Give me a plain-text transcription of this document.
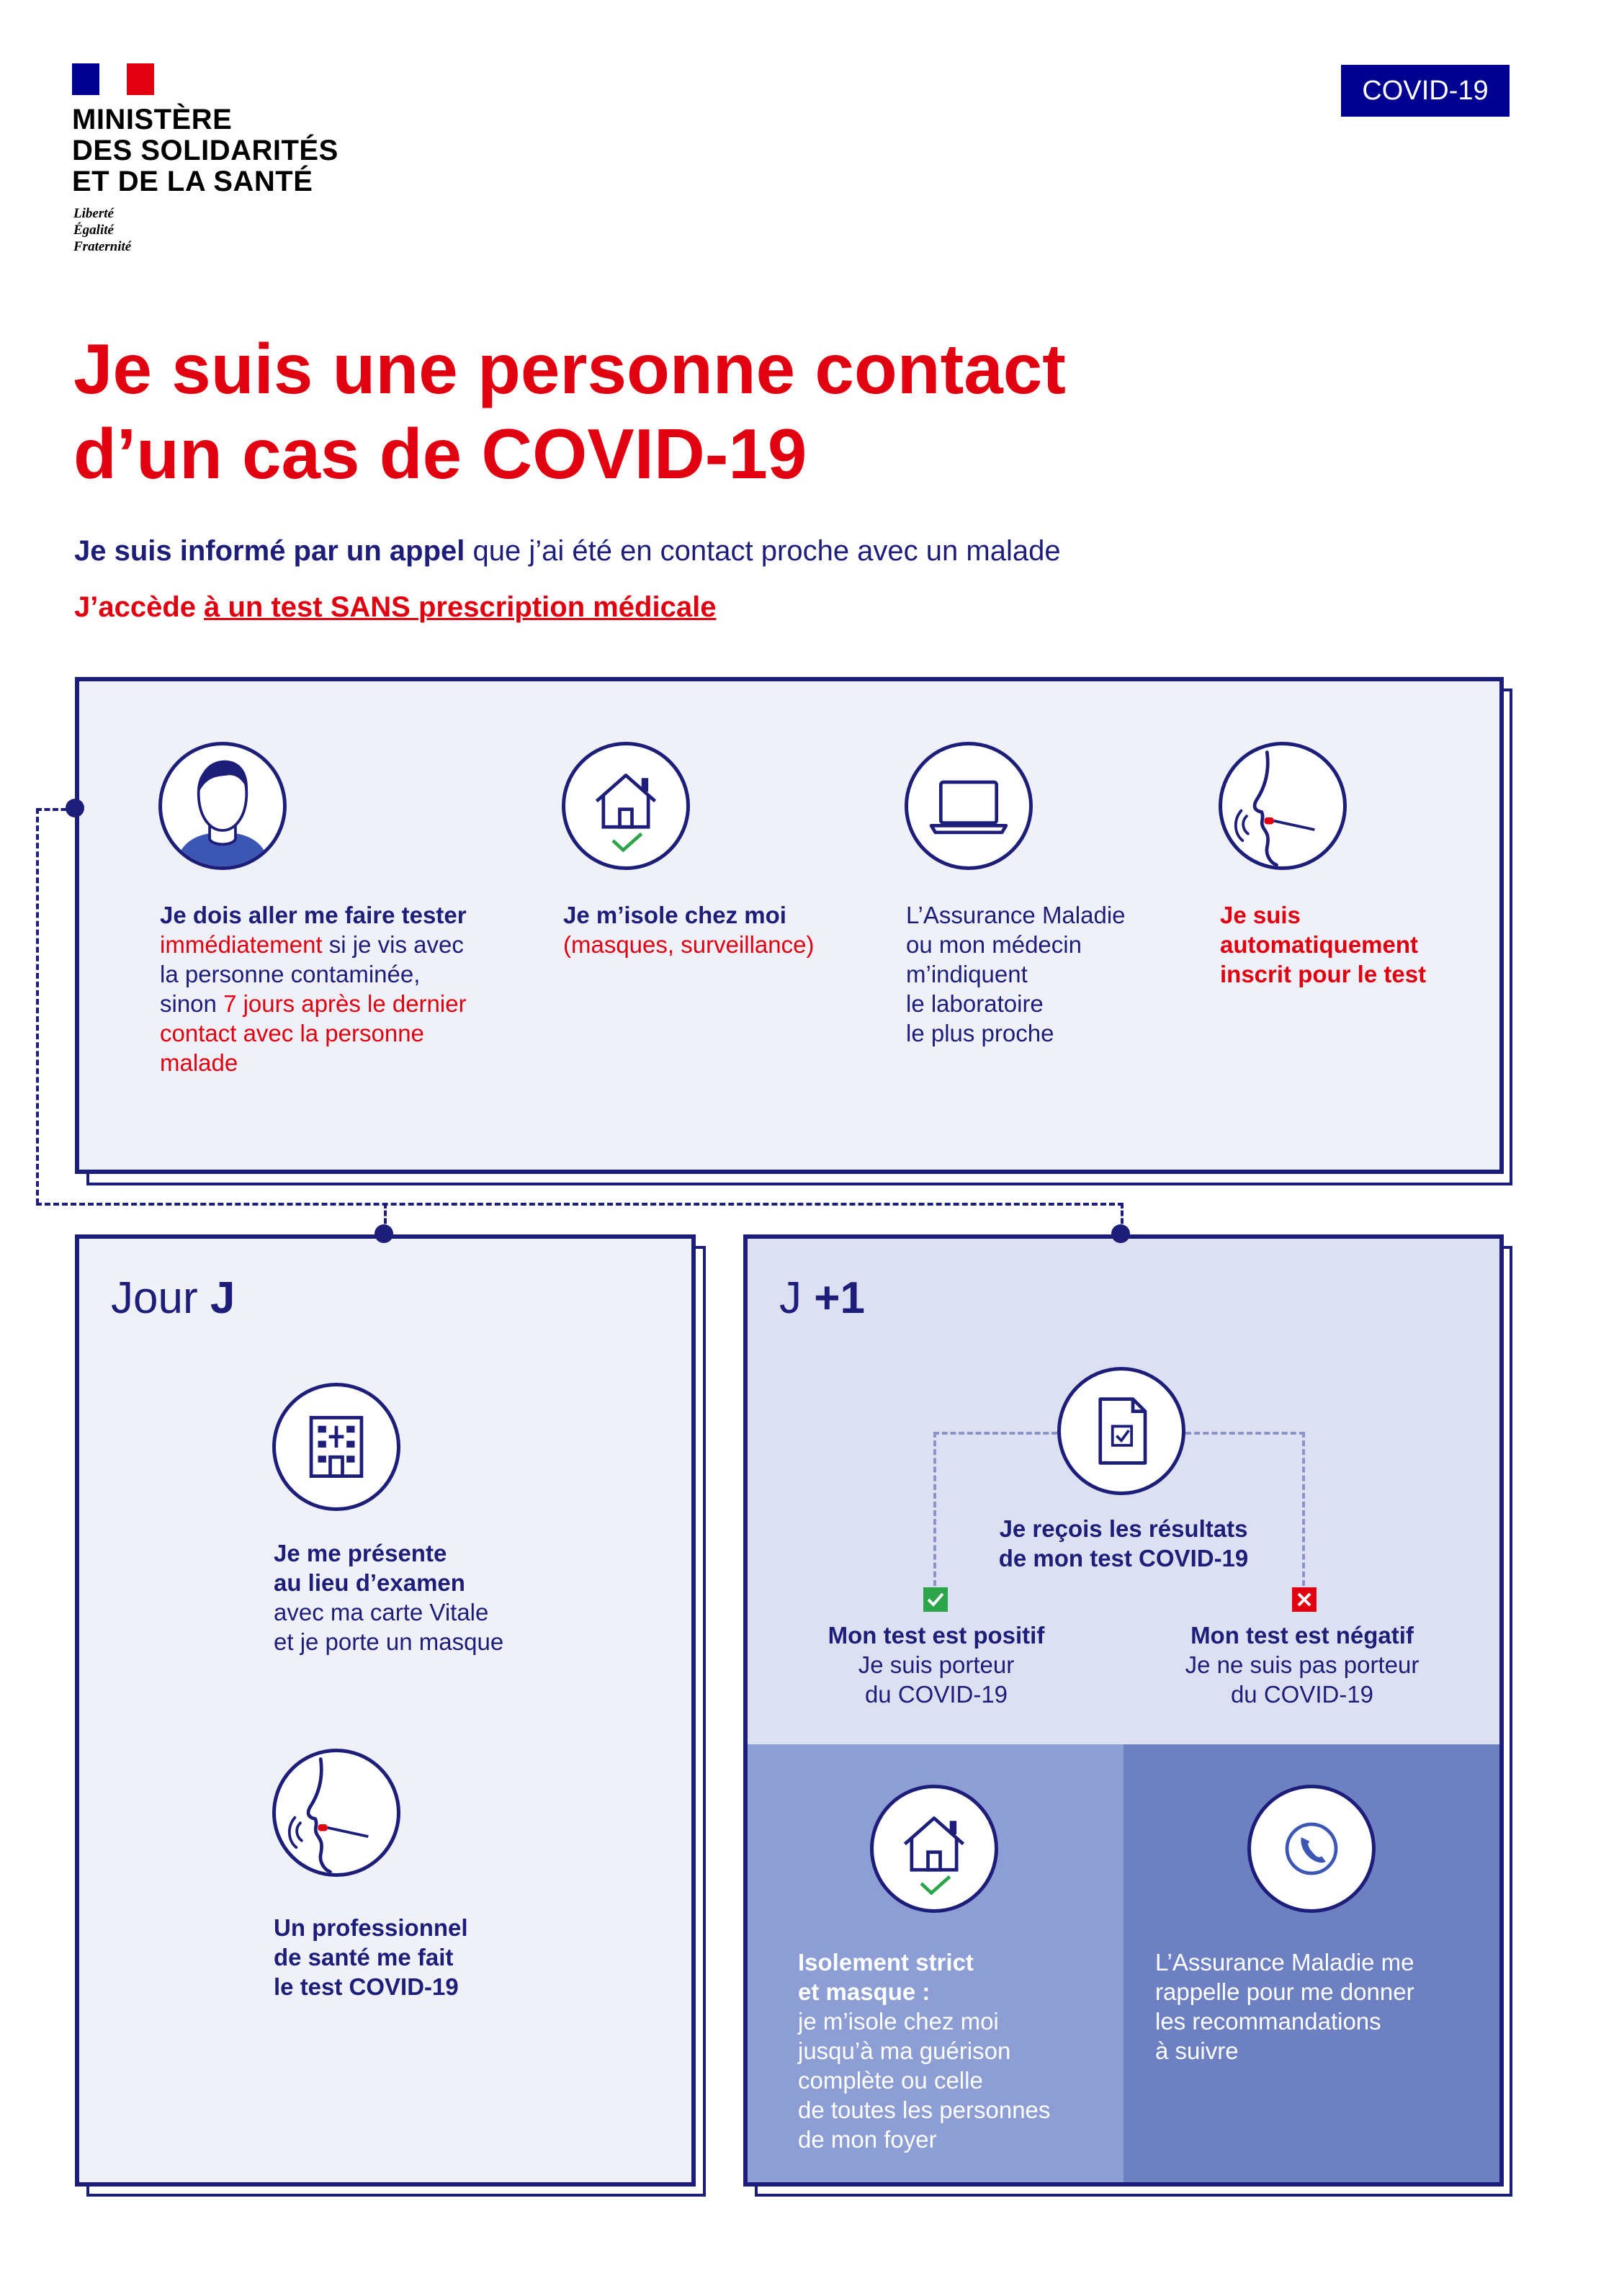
MINISTÈRE
DES SOLIDARITÉS
ET DE LA SANTÉ
Liberté
Égalité
Fraternité
COVID-19
Je suis une personne contact
d’un cas de COVID-19
Je suis informé par un appel que j’ai été en contact proche avec un malade
J’accède à un test SANS prescription médicale
Je dois aller me faire tester
immédiatement si je vis avec
la personne contaminée,
sinon 7 jours après le dernier
contact avec la personne
malade
Je m’isole chez moi
(masques, surveillance)
L’Assurance Maladie
ou mon médecin
m’indiquent
le laboratoire
le plus proche
Je suis
automatiquement
inscrit pour le test
Jour J
Je me présente
au lieu d’examen
avec ma carte Vitale
et je porte un masque
Un professionnel
de santé me fait
le test COVID-19
J +1
Je reçois les résultats
de mon test COVID-19
Mon test est positif
Je suis porteur
du COVID-19
Mon test est négatif
Je ne suis pas porteur
du COVID-19
Isolement strict
et masque :
je m’isole chez moi
jusqu’à ma guérison
complète ou celle
de toutes les personnes
de mon foyer
L’Assurance Maladie me
rappelle pour me donner
les recommandations
à suivre
